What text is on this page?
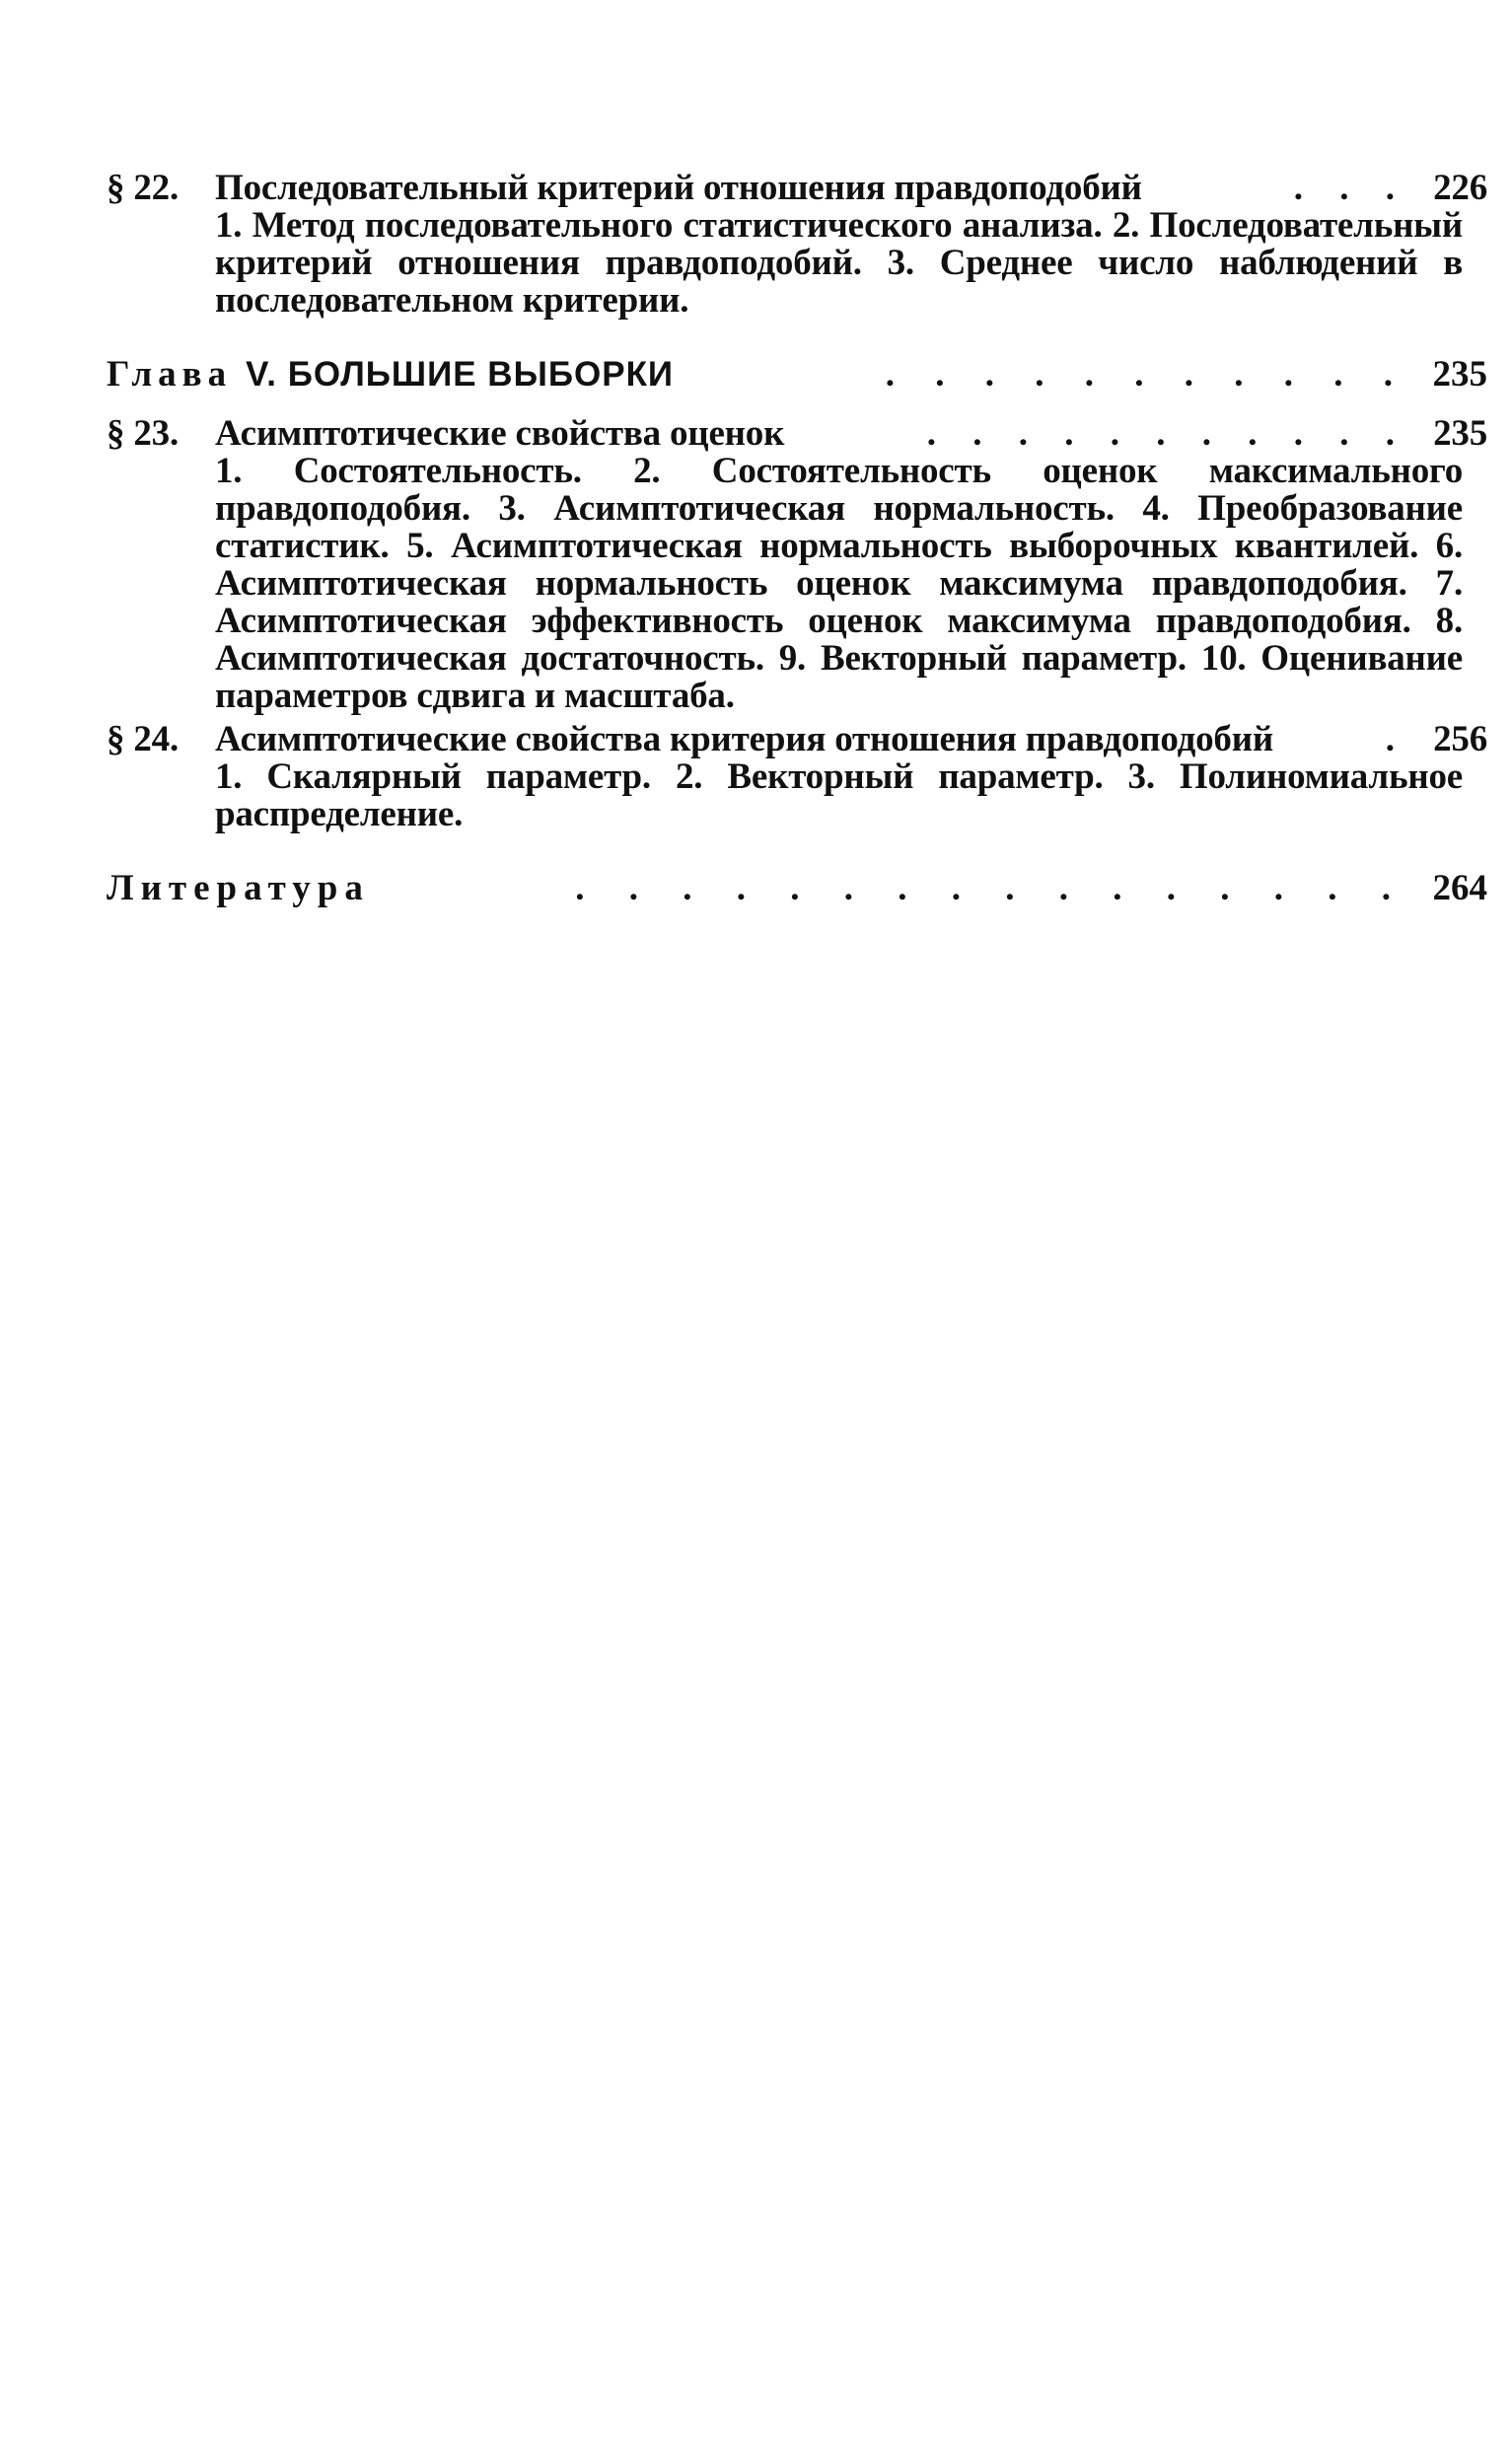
§ 22. Последовательный критерий отношения правдоподобий	. . . 226
1. Метод последовательного статистического анализа. 2. Последовательный критерий отношения правдоподобий. 3. Среднее число наблюдений в последовательном критерии.
Глава V. БОЛЬШИЕ ВЫБОРКИ	. . . . . . . . . . . 235
§ 23. Асимптотические свойства оценок	. . . . . . . . . . . 235
1. Состоятельность. 2. Состоятельность оценок максимального правдоподобия. 3. Асимптотическая нормальность. 4. Преобразование статистик. 5. Асимптотическая нормальность выборочных квантилей. 6. Асимптотическая нормальность оценок максимума правдоподобия. 7. Асимптотическая эффективность оценок максимума правдоподобия. 8. Асимптотическая достаточность. 9. Векторный параметр. 10. Оценивание параметров сдвига и масштаба.
§ 24. Асимптотические свойства критерия отношения правдоподобий	. 256
1. Скалярный параметр. 2. Векторный параметр. 3. Полиномиальное распределение.
Литература	. . . . . . . . . . . . . . . . 264
